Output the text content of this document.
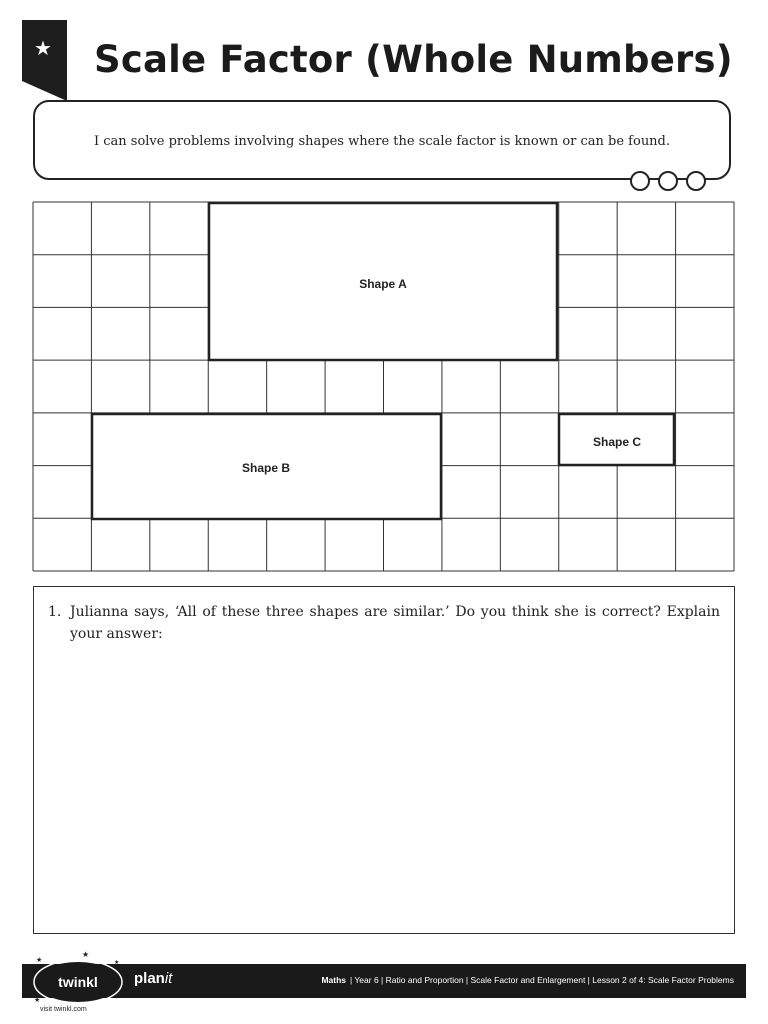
★ Scale Factor (Whole Numbers)
I can solve problems involving shapes where the scale factor is known or can be found.
Shape A
Shape B
Shape C
1. Julianna says, ‘All of these three shapes are similar.’ Do you think she is correct? Explain your answer:
Maths | Year 6 | Ratio and Proportion | Scale Factor and Enlargement | Lesson 2 of 4: Scale Factor Problems
★
★	★
★
twinkl planit
visit twinkl.com
